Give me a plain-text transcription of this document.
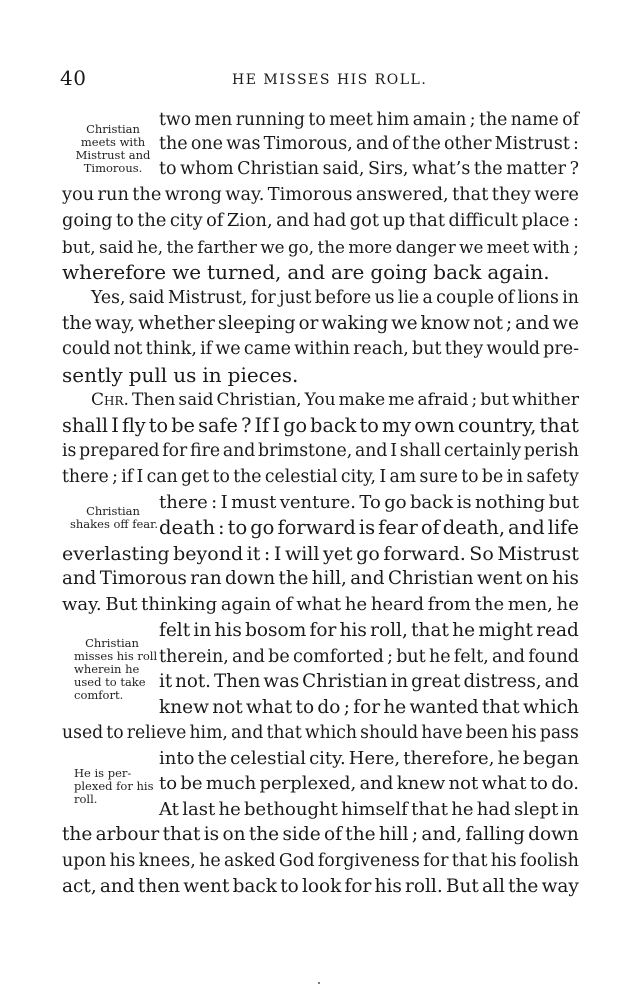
40	HE MISSES HIS ROLL.
Christian
meets with
Mistrust and
Timorous.
Christian
shakes off fear.
Christian
misses his roll
wherein he
used to take
comfort.
He is per-
plexed for his
roll.
two men running to meet him amain ; the name of
the one was Timorous, and of the other Mistrust :
to whom Christian said, Sirs, what’s the matter ?
you run the wrong way. Timorous answered, that they were
going to the city of Zion, and had got up that difficult place :
but, said he, the farther we go, the more danger we meet with ;
wherefore we turned, and are going back again.
Yes, said Mistrust, for just before us lie a couple of lions in
the way, whether sleeping or waking we know not ; and we
could not think, if we came within reach, but they would pre-
sently pull us in pieces.
Chr. Then said Christian, You make me afraid ; but whither
shall I fly to be safe ? If I go back to my own country, that
is prepared for fire and brimstone, and I shall certainly perish
there ; if I can get to the celestial city, I am sure to be in safety
there : I must venture. To go back is nothing but
death : to go forward is fear of death, and life
everlasting beyond it : I will yet go forward. So Mistrust
and Timorous ran down the hill, and Christian went on his
way. But thinking again of what he heard from the men, he
felt in his bosom for his roll, that he might read
therein, and be comforted ; but he felt, and found
it not. Then was Christian in great distress, and
knew not what to do ; for he wanted that which
used to relieve him, and that which should have been his pass
into the celestial city. Here, therefore, he began
to be much perplexed, and knew not what to do.
At last he bethought himself that he had slept in
the arbour that is on the side of the hill ; and, falling down
upon his knees, he asked God forgiveness for that his foolish
act, and then went back to look for his roll. But all the way
